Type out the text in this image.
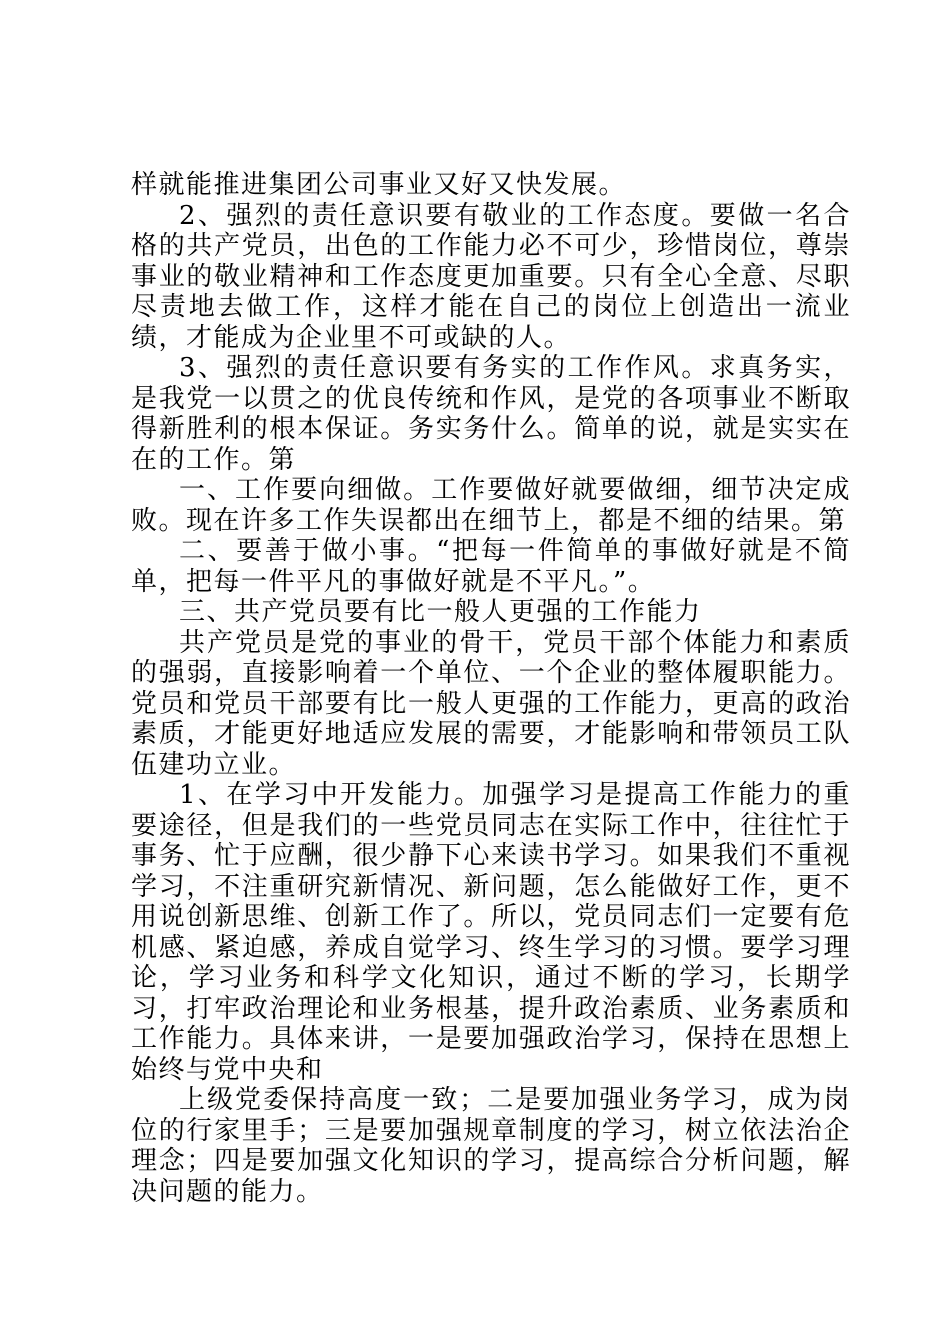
样就能推进集团公司事业又好又快发展。

2、强烈的责任意识要有敬业的工作态度。要做一名合格的共产党员，出色的工作能力必不可少，珍惜岗位，尊崇事业的敬业精神和工作态度更加重要。只有全心全意、尽职尽责地去做工作，这样才能在自己的岗位上创造出一流业绩，才能成为企业里不可或缺的人。

3、强烈的责任意识要有务实的工作作风。求真务实，是我党一以贯之的优良传统和作风，是党的各项事业不断取得新胜利的根本保证。务实务什么。简单的说，就是实实在在的工作。第

一、工作要向细做。工作要做好就要做细，细节决定成败。现在许多工作失误都出在细节上，都是不细的结果。第

二、要善于做小事。“把每一件简单的事做好就是不简单，把每一件平凡的事做好就是不平凡。”。

三、共产党员要有比一般人更强的工作能力

共产党员是党的事业的骨干，党员干部个体能力和素质的强弱，直接影响着一个单位、一个企业的整体履职能力。党员和党员干部要有比一般人更强的工作能力，更高的政治素质，才能更好地适应发展的需要，才能影响和带领员工队伍建功立业。

1、在学习中开发能力。加强学习是提高工作能力的重要途径，但是我们的一些党员同志在实际工作中，往往忙于事务、忙于应酬，很少静下心来读书学习。如果我们不重视学习，不注重研究新情况、新问题，怎么能做好工作，更不用说创新思维、创新工作了。所以，党员同志们一定要有危机感、紧迫感，养成自觉学习、终生学习的习惯。要学习理论，学习业务和科学文化知识，通过不断的学习，长期学习，打牢政治理论和业务根基，提升政治素质、业务素质和工作能力。具体来讲，一是要加强政治学习，保持在思想上始终与党中央和

上级党委保持高度一致；二是要加强业务学习，成为岗位的行家里手；三是要加强规章制度的学习，树立依法治企理念；四是要加强文化知识的学习，提高综合分析问题，解决问题的能力。
